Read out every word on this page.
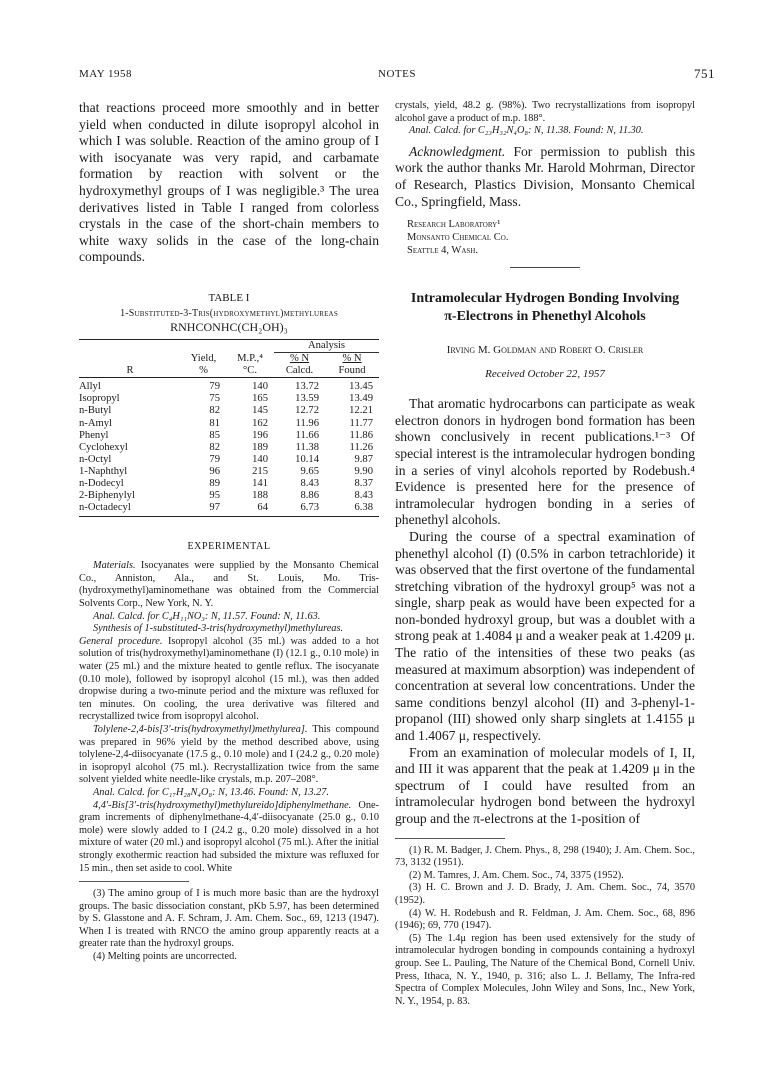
MAY 1958	NOTES	751

that reactions proceed more smoothly and in better yield when conducted in dilute isopropyl alcohol in which I was soluble. Reaction of the amino group of I with isocyanate was very rapid, and carbamate formation by reaction with solvent or the hydroxymethyl groups of I was negligible.³ The urea derivatives listed in Table I ranged from colorless crystals in the case of the short-chain members to white waxy solids in the case of the long-chain compounds.

TABLE I

1-Substituted-3-Tris(hydroxymethyl)methylureas

RNHCONHC(CH₂OH)₃

			Analysis	
	Yield,	M.P.,⁴	% N	% N
R	%	°C.	Calcd.	Found

Allyl	79	140	13.72	13.45
Isopropyl	75	165	13.59	13.49
n-Butyl	82	145	12.72	12.21
n-Amyl	81	162	11.96	11.77
Phenyl	85	196	11.66	11.86
Cyclohexyl	82	189	11.38	11.26
n-Octyl	79	140	10.14	9.87
1-Naphthyl	96	215	9.65	9.90
n-Dodecyl	89	141	8.43	8.37
2-Biphenylyl	95	188	8.86	8.43
n-Octadecyl	97	64	6.73	6.38

EXPERIMENTAL

Materials. Isocyanates were supplied by the Monsanto Chemical Co., Anniston, Ala., and St. Louis, Mo. Tris-(hydroxymethyl)aminomethane was obtained from the Commercial Solvents Corp., New York, N. Y.

Anal. Calcd. for C₄H₁₁NO₃: N, 11.57. Found: N, 11.63.

Synthesis of 1-substituted-3-tris(hydroxymethyl)methylureas.

General procedure. Isopropyl alcohol (35 ml.) was added to a hot solution of tris(hydroxymethyl)aminomethane (I) (12.1 g., 0.10 mole) in water (25 ml.) and the mixture heated to gentle reflux. The isocyanate (0.10 mole), followed by isopropyl alcohol (15 ml.), was then added dropwise during a two-minute period and the mixture was refluxed for ten minutes. On cooling, the urea derivative was filtered and recrystallized twice from isopropyl alcohol.

Tolylene-2,4-bis[3′-tris(hydroxymethyl)methylurea]. This compound was prepared in 96% yield by the method described above, using tolylene-2,4-diisocyanate (17.5 g., 0.10 mole) and I (24.2 g., 0.20 mole) in isopropyl alcohol (75 ml.). Recrystallization twice from the same solvent yielded white needle-like crystals, m.p. 207–208°.

Anal. Calcd. for C₁₇H₂₈N₄O₈: N, 13.46. Found: N, 13.27.

4,4′-Bis[3′-tris(hydroxymethyl)methylureido]diphenylmethane. One-gram increments of diphenylmethane-4,4′-diisocyanate (25.0 g., 0.10 mole) were slowly added to I (24.2 g., 0.20 mole) dissolved in a hot mixture of water (20 ml.) and isopropyl alcohol (75 ml.). After the initial strongly exothermic reaction had subsided the mixture was refluxed for 15 min., then set aside to cool. White

(3) The amino group of I is much more basic than are the hydroxyl groups. The basic dissociation constant, pKb 5.97, has been determined by S. Glasstone and A. F. Schram, J. Am. Chem. Soc., 69, 1213 (1947). When I is treated with RNCO the amino group apparently reacts at a greater rate than the hydroxyl groups.

(4) Melting points are uncorrected.

crystals, yield, 48.2 g. (98%). Two recrystallizations from isopropyl alcohol gave a product of m.p. 188°.

Anal. Calcd. for C₂₃H₃₂N₄O₈: N, 11.38. Found: N, 11.30.

Acknowledgment. For permission to publish this work the author thanks Mr. Harold Mohrman, Director of Research, Plastics Division, Monsanto Chemical Co., Springfield, Mass.

Research Laboratory¹

Monsanto Chemical Co.

Seattle 4, Wash.

Intramolecular Hydrogen Bonding Involving

π-Electrons in Phenethyl Alcohols

Irving M. Goldman and Robert O. Crisler

Received October 22, 1957

That aromatic hydrocarbons can participate as weak electron donors in hydrogen bond formation has been shown conclusively in recent publications.¹⁻³ Of special interest is the intramolecular hydrogen bonding in a series of vinyl alcohols reported by Rodebush.⁴ Evidence is presented here for the presence of intramolecular hydrogen bonding in a series of phenethyl alcohols.

During the course of a spectral examination of phenethyl alcohol (I) (0.5% in carbon tetrachloride) it was observed that the first overtone of the fundamental stretching vibration of the hydroxyl group⁵ was not a single, sharp peak as would have been expected for a non-bonded hydroxyl group, but was a doublet with a strong peak at 1.4084 μ and a weaker peak at 1.4209 μ. The ratio of the intensities of these two peaks (as measured at maximum absorption) was independent of concentration at several low concentrations. Under the same conditions benzyl alcohol (II) and 3-phenyl-1-propanol (III) showed only sharp singlets at 1.4155 μ and 1.4067 μ, respectively.

From an examination of molecular models of I, II, and III it was apparent that the peak at 1.4209 μ in the spectrum of I could have resulted from an intramolecular hydrogen bond between the hydroxyl group and the π-electrons at the 1-position of

(1) R. M. Badger, J. Chem. Phys., 8, 298 (1940); J. Am. Chem. Soc., 73, 3132 (1951).

(2) M. Tamres, J. Am. Chem. Soc., 74, 3375 (1952).

(3) H. C. Brown and J. D. Brady, J. Am. Chem. Soc., 74, 3570 (1952).

(4) W. H. Rodebush and R. Feldman, J. Am. Chem. Soc., 68, 896 (1946); 69, 770 (1947).

(5) The 1.4μ region has been used extensively for the study of intramolecular hydrogen bonding in compounds containing a hydroxyl group. See L. Pauling, The Nature of the Chemical Bond, Cornell Univ. Press, Ithaca, N. Y., 1940, p. 316; also L. J. Bellamy, The Infra-red Spectra of Complex Molecules, John Wiley and Sons, Inc., New York, N. Y., 1954, p. 83.
